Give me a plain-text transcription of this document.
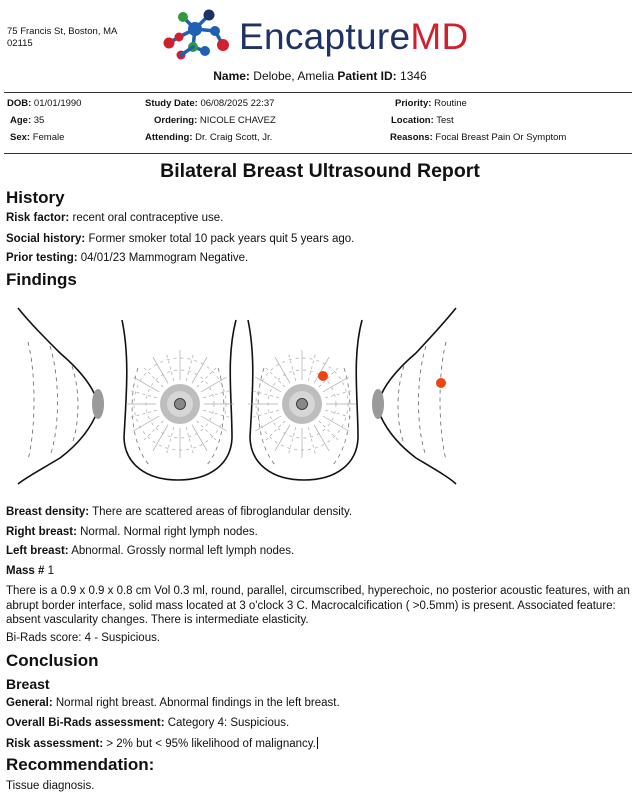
75 Francis St, Boston, MA
02115	EncaptureMD
Name: Delobe, Amelia Patient ID: 1346
DOB: 01/01/1990
Age: 35
Sex: Female
Study Date: 06/08/2025 22:37
Ordering: NICOLE CHAVEZ
Attending: Dr. Craig Scott, Jr.
Priority: Routine
Location: Test
Reasons: Focal Breast Pain Or Symptom
Bilateral Breast Ultrasound Report
History
Risk factor: recent oral contraceptive use.
Social history: Former smoker total 10 pack years quit 5 years ago.
Prior testing: 04/01/23 Mammogram Negative.
Findings
Breast density: There are scattered areas of fibroglandular density.
Right breast: Normal. Normal right lymph nodes.
Left breast: Abnormal. Grossly normal left lymph nodes.
Mass # 1
There is a 0.9 x 0.9 x 0.8 cm Vol 0.3 ml, round, parallel, circumscribed, hyperechoic, no posterior acoustic features, with an abrupt border interface, solid mass located at 3 o'clock 3 C. Macrocalcification ( >0.5mm) is present. Associated feature: absent vascularity changes. There is intermediate elasticity.
Bi-Rads score: 4 - Suspicious.
Conclusion
Breast
General: Normal right breast. Abnormal findings in the left breast.
Overall Bi-Rads assessment: Category 4: Suspicious.
Risk assessment: > 2% but < 95% likelihood of malignancy.
Recommendation:
Tissue diagnosis.
